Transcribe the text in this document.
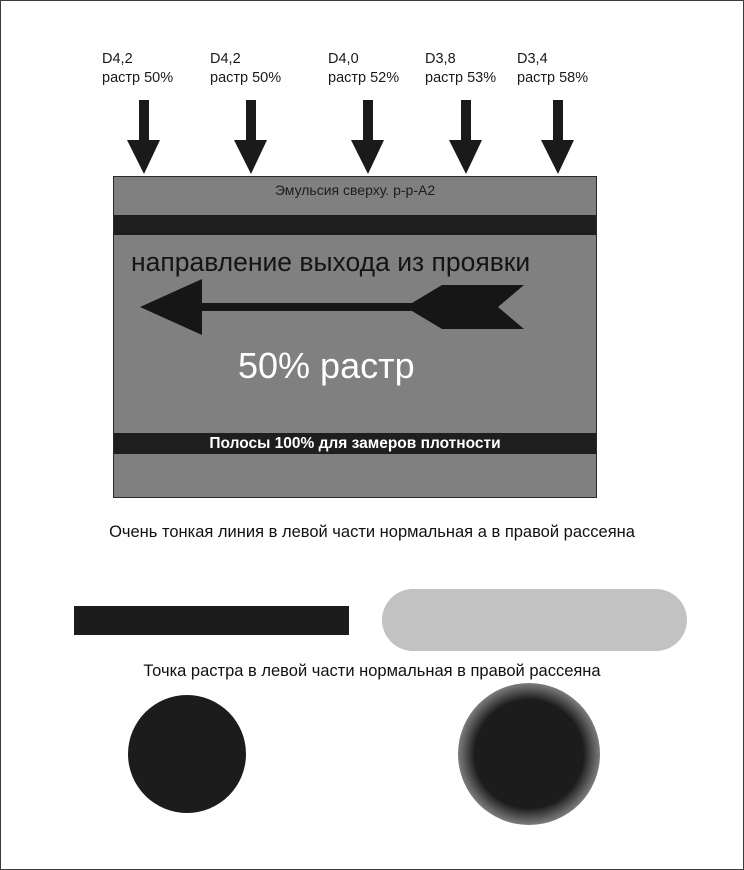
D4,2
растр 50%
D4,2
растр 50%
D4,0
растр 52%
D3,8
растр 53%
D3,4
растр 58%
Эмульсия сверху. р-р-А2
направление выхода из проявки
50% растр
Полосы 100% для замеров плотности
Очень тонкая линия в левой части нормальная а в правой рассеяна
Точка растра в левой части нормальная в правой рассеяна
